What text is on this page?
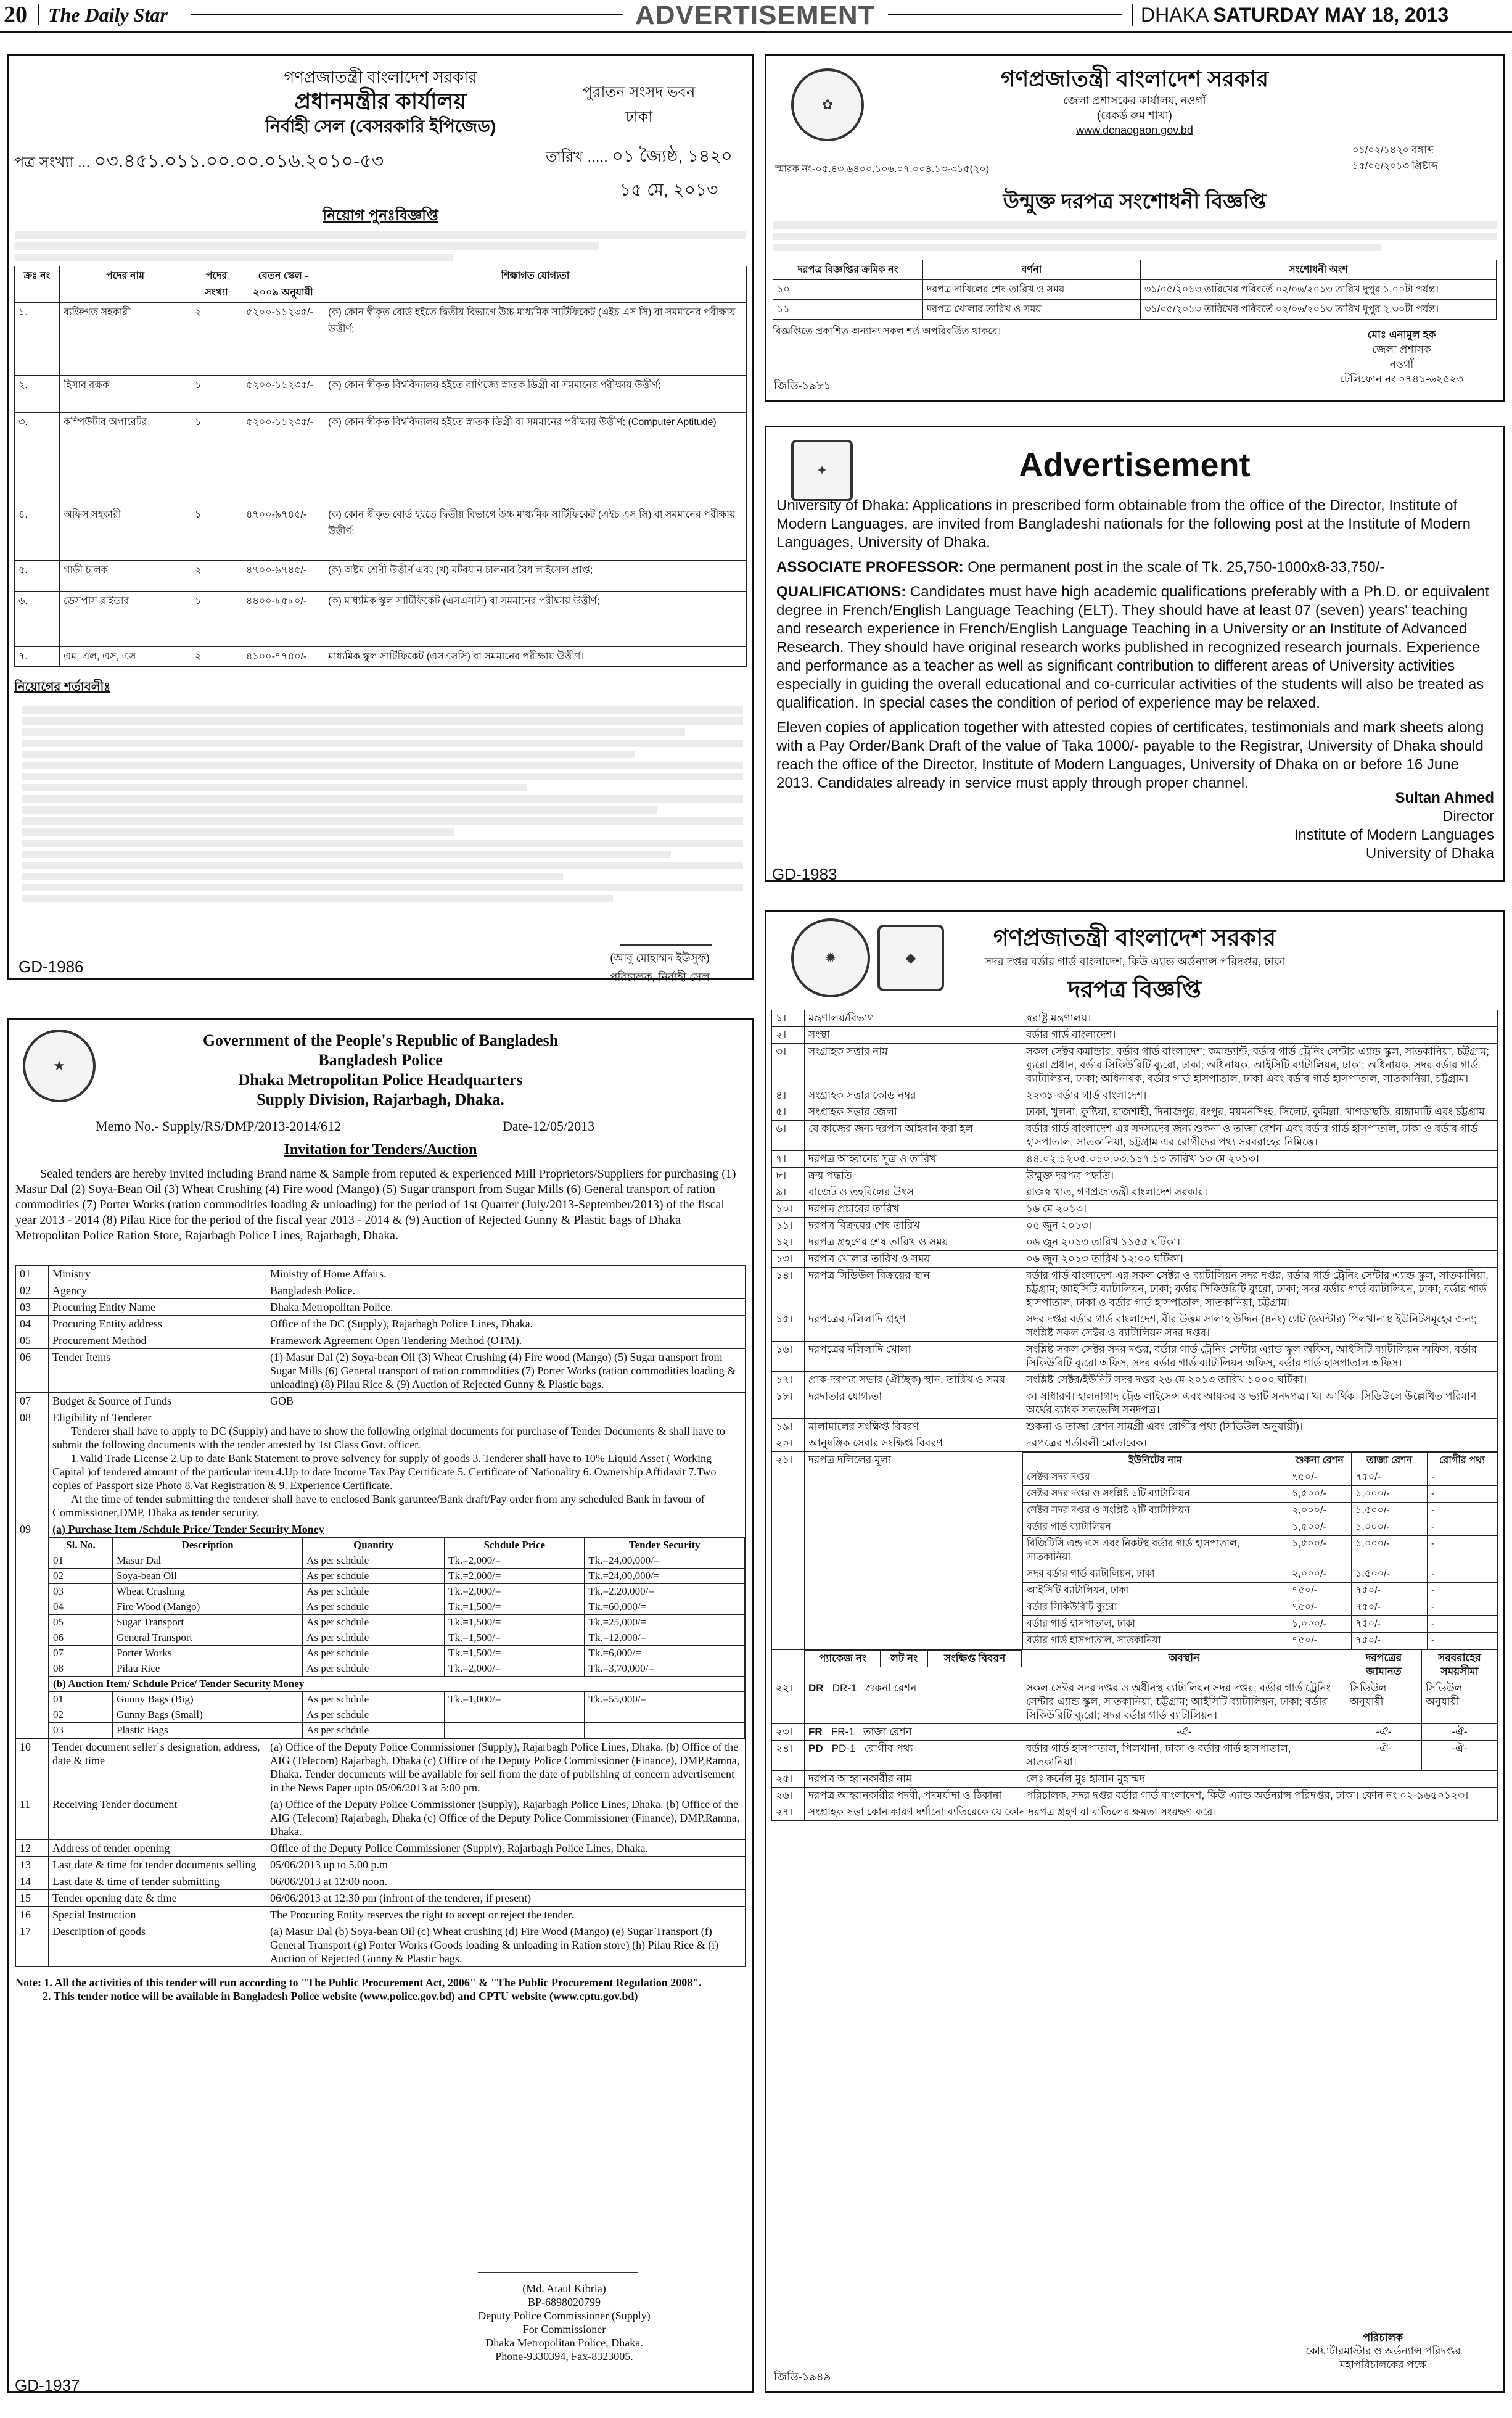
20 The Daily Star	ADVERTISEMENT	DHAKA SATURDAY MAY 18, 2013
গণপ্রজাতন্ত্রী বাংলাদেশ সরকার
প্রধানমন্ত্রীর কার্যালয়
নির্বাহী সেল (বেসরকারি ইপিজেড)
পুরাতন সংসদ ভবন
ঢাকা
পত্র সংখ্যা ... ০৩.৪৫১.০১১.০০.০০.০১৬.২০১০-৫৩	তারিখ ..... ০১ জ্যৈষ্ঠ, ১৪২০
১৫ মে, ২০১৩
নিয়োগ পুনঃবিজ্ঞপ্তি
ক্রঃ নং	পদের নাম	পদের সংখ্যা	বেতন স্কেল - ২০০৯ অনুযায়ী	শিক্ষাগত যোগ্যতা
১.	ব্যক্তিগত সহকারী	২	৫২০০-১১২৩৫/-	(ক) কোন স্বীকৃত বোর্ড হইতে দ্বিতীয় বিভাগে উচ্চ মাধ্যমিক সার্টিফিকেট (এইচ এস সি) বা সমমানের পরীক্ষায় উত্তীর্ণ;
২.	হিসাব রক্ষক	১	৫২০০-১১২৩৫/-	(ক) কোন স্বীকৃত বিশ্ববিদ্যালয় হইতে বাণিজ্যে স্নাতক ডিগ্রী বা সমমানের পরীক্ষায় উত্তীর্ণ;
৩.	কম্পিউটার অপারেটর	১	৫২০০-১১২৩৫/-	(ক) কোন স্বীকৃত বিশ্ববিদ্যালয় হইতে স্নাতক ডিগ্রী বা সমমানের পরীক্ষায় উত্তীর্ণ; (Computer Aptitude)
৪.	অফিস সহকারী	১	৪৭০০-৯৭৪৫/-	(ক) কোন স্বীকৃত বোর্ড হইতে দ্বিতীয় বিভাগে উচ্চ মাধ্যমিক সার্টিফিকেট (এইচ এস সি) বা সমমানের পরীক্ষায় উত্তীর্ণ;
৫.	গাড়ী চালক	২	৪৭০০-৯৭৪৫/-	(ক) অষ্টম শ্রেণী উত্তীর্ণ এবং (খ) মটরযান চালনার বৈধ লাইসেন্স প্রাপ্ত;
৬.	ডেসপাস রাইডার	১	৪৪০০-৮৫৮০/-	(ক) মাধ্যমিক স্কুল সার্টিফিকেট (এসএসসি) বা সমমানের পরীক্ষায় উত্তীর্ণ;
৭.	এম, এল, এস, এস	২	৪১০০-৭৭৪০/-	মাধ্যমিক স্কুল সার্টিফিকেট (এসএসসি) বা সমমানের পরীক্ষায় উত্তীর্ণ।
নিয়োগের শর্তাবলীঃ
(আবু মোহাম্মদ ইউসুফ)
পরিচালক, নির্বাহী সেল
GD-1986
✿
গণপ্রজাতন্ত্রী বাংলাদেশ সরকার
জেলা প্রশাসকের কার্যালয়, নওগাঁ
(রেকর্ড রুম শাখা)
www.dcnaogaon.gov.bd
স্মারক নং-০৫.৪৩.৬৪০০.১০৬.০৭.০০৪.১৩-৩১৫(২০)
০১/০২/১৪২০ বঙ্গাব্দ
১৫/০৫/২০১৩ খ্রিষ্টাব্দ
উন্মুক্ত দরপত্র সংশোধনী বিজ্ঞপ্তি
দরপত্র বিজ্ঞপ্তির ক্রমিক নং	বর্ণনা	সংশোধনী অংশ
১০	দরপত্র দাখিলের শেষ তারিখ ও সময়	৩১/০৫/২০১৩ তারিখের পরিবর্তে ০২/০৬/২০১৩ তারিখ দুপুর ১.০০টা পর্যন্ত।
১১	দরপত্র খোলার তারিখ ও সময়	৩১/০৫/২০১৩ তারিখের পরিবর্তে ০২/০৬/২০১৩ তারিখ দুপুর ২.৩০টা পর্যন্ত।
বিজ্ঞপ্তিতে প্রকাশিত অন্যান্য সকল শর্ত অপরিবর্তিত থাকবে।	মোঃ এনামুল হক
জেলা প্রশাসক
নওগাঁ
টেলিফোন নং ০৭৪১-৬২৫২৩
জিডি-১৯৮১
✦	Advertisement
University of Dhaka: Applications in prescribed form obtainable from the office of the Director, Institute of Modern Languages, are invited from Bangladeshi nationals for the following post at the Institute of Modern Languages, University of Dhaka.
ASSOCIATE PROFESSOR: One permanent post in the scale of Tk. 25,750-1000x8-33,750/-
QUALIFICATIONS: Candidates must have high academic qualifications preferably with a Ph.D. or equivalent degree in French/English Language Teaching (ELT). They should have at least 07 (seven) years' teaching and research experience in French/English Language Teaching in a University or an Institute of Advanced Research. They should have original research works published in recognized research journals. Experience and performance as a teacher as well as significant contribution to different areas of University activities especially in guiding the overall educational and co-curricular activities of the students will also be treated as qualification. In special cases the condition of period of experience may be relaxed.
Eleven copies of application together with attested copies of certificates, testimonials and mark sheets along with a Pay Order/Bank Draft of the value of Taka 1000/- payable to the Registrar, University of Dhaka should reach the office of the Director, Institute of Modern Languages, University of Dhaka on or before 16 June 2013. Candidates already in service must apply through proper channel.
Sultan Ahmed
Director
Institute of Modern Languages
University of Dhaka
GD-1983
★
Government of the People's Republic of Bangladesh
Bangladesh Police
Dhaka Metropolitan Police Headquarters
Supply Division, Rajarbagh, Dhaka.
Memo No.- Supply/RS/DMP/2013-2014/612	Date-12/05/2013
Invitation for Tenders/Auction
Sealed tenders are hereby invited including Brand name & Sample from reputed & experienced Mill Proprietors/Suppliers for purchasing (1) Masur Dal (2) Soya-Bean Oil (3) Wheat Crushing (4) Fire wood (Mango) (5) Sugar transport from Sugar Mills (6) General transport of ration commodities (7) Porter Works (ration commodities loading & unloading) for the period of 1st Quarter (July/2013-September/2013) of the fiscal year 2013 - 2014 (8) Pilau Rice for the period of the fiscal year 2013 - 2014 & (9) Auction of Rejected Gunny & Plastic bags of Dhaka Metropolitan Police Ration Store, Rajarbagh Police Lines, Rajarbagh, Dhaka.
01	Ministry	Ministry of Home Affairs.
02	Agency	Bangladesh Police.
03	Procuring Entity Name	Dhaka Metropolitan Police.
04	Procuring Entity address	Office of the DC (Supply), Rajarbagh Police Lines, Dhaka.
05	Procurement Method	Framework Agreement Open Tendering Method (OTM).
06	Tender Items	(1) Masur Dal (2) Soya-bean Oil (3) Wheat Crushing (4) Fire wood (Mango) (5) Sugar transport from Sugar Mills (6) General transport of ration commodities (7) Porter Works (ration commodities loading & unloading) (8) Pilau Rice & (9) Auction of Rejected Gunny & Plastic bags.
07	Budget & Source of Funds	GOB
08	Eligibility of Tenderer
Tenderer shall have to apply to DC (Supply) and have to show the following original documents for purchase of Tender Documents & shall have to submit the following documents with the tender attested by 1st Class Govt. officer.
1.Valid Trade License 2.Up to date Bank Statement to prove solvency for supply of goods 3. Tenderer shall have to 10% Liquid Asset ( Working Capital )of tendered amount of the particular item 4.Up to date Income Tax Pay Certificate 5. Certificate of Nationality 6. Ownership Affidavit 7.Two copies of Passport size Photo 8.Vat Registration & 9. Experience Certificate.
At the time of tender submitting the tenderer shall have to enclosed Bank garuntee/Bank draft/Pay order from any scheduled Bank in favour of Commissioner,DMP, Dhaka as tender security.

09	(a) Purchase Item /Schdule Price/ Tender Security Money
Sl. No.	Description	Quantity	Schdule Price	Tender Security
01	Masur Dal	As per schdule	Tk.=2,000/=	Tk.=24,00,000/=
02	Soya-bean Oil	As per schdule	Tk.=2,000/=	Tk.=24,00,000/=
03	Wheat Crushing	As per schdule	Tk.=2,000/=	Tk.=2,20,000/=
04	Fire Wood (Mango)	As per schdule	Tk.=1,500/=	Tk.=60,000/=
05	Sugar Transport	As per schdule	Tk.=1,500/=	Tk.=25,000/=
06	General Transport	As per schdule	Tk.=1,500/=	Tk.=12,000/=
07	Porter Works	As per schdule	Tk.=1,500/=	Tk.=6,000/=
08	Pilau Rice	As per schdule	Tk.=2,000/=	Tk.=3,70,000/=
(b) Auction Item/ Schdule Price/ Tender Security Money
01	Gunny Bags (Big)	As per schdule	Tk.=1,000/=	Tk.=55,000/=
02	Gunny Bags (Small)	As per schdule		
03	Plastic Bags	As per schdule		

10	Tender document seller`s designation, address, date & time	(a) Office of the Deputy Police Commissioner (Supply), Rajarbagh Police Lines, Dhaka. (b) Office of the AIG (Telecom) Rajarbagh, Dhaka (c) Office of the Deputy Police Commissioner (Finance), DMP,Ramna, Dhaka. Tender documents will be available for sell from the date of publishing of concern advertisement in the News Paper upto 05/06/2013 at 5:00 pm.
11	Receiving Tender document	(a) Office of the Deputy Police Commissioner (Supply), Rajarbagh Police Lines, Dhaka. (b) Office of the AIG (Telecom) Rajarbagh, Dhaka (c) Office of the Deputy Police Commissioner (Finance), DMP,Ramna, Dhaka.
12	Address of tender opening	Office of the Deputy Police Commissioner (Supply), Rajarbagh Police Lines, Dhaka.
13	Last date & time for tender documents selling	05/06/2013 up to 5.00 p.m
14	Last date & time of tender submitting	06/06/2013 at 12:00 noon.
15	Tender opening date & time	06/06/2013 at 12:30 pm (infront of the tenderer, if present)
16	Special Instruction	The Procuring Entity reserves the right to accept or reject the tender.
17	Description of goods	(a) Masur Dal (b) Soya-bean Oil (c) Wheat crushing (d) Fire Wood (Mango) (e) Sugar Transport (f) General Transport (g) Porter Works (Goods loading & unloading in Ration store) (h) Pilau Rice & (i) Auction of Rejected Gunny & Plastic bags.
Note: 1. All the activities of this tender will run according to "The Public Procurement Act, 2006" & "The Public Procurement Regulation 2008".
2. This tender notice will be available in Bangladesh Police website (www.police.gov.bd) and CPTU website (www.cptu.gov.bd)
(Md. Ataul Kibria)
BP-6898020799
Deputy Police Commissioner (Supply)
For Commissioner
Dhaka Metropolitan Police, Dhaka.
Phone-9330394, Fax-8323005.
GD-1937
✹	◆
গণপ্রজাতন্ত্রী বাংলাদেশ সরকার
সদর দপ্তর বর্ডার গার্ড বাংলাদেশ, কিউ এ্যান্ড অর্ডন্যান্স পরিদপ্তর, ঢাকা
দরপত্র বিজ্ঞপ্তি
১।	মন্ত্রণালয়/বিভাগ	স্বরাষ্ট্র মন্ত্রণালয়।
২।	সংস্থা	বর্ডার গার্ড বাংলাদেশ।
৩।	সংগ্রাহক সত্তার নাম	সকল সেক্টর কমান্ডার, বর্ডার গার্ড বাংলাদেশ; কমান্ড্যান্ট, বর্ডার গার্ড ট্রেনিং সেন্টার এ্যান্ড স্কুল, সাতকানিয়া, চট্টগ্রাম; ব্যুরো প্রধান, বর্ডার সিকিউরিটি ব্যুরো, ঢাকা; অধিনায়ক, আইসিটি ব্যাটালিয়ন, ঢাকা; অধিনায়ক, সদর বর্ডার গার্ড ব্যাটালিয়ন, ঢাকা; অধিনায়ক, বর্ডার গার্ড হাসপাতাল, ঢাকা এবং বর্ডার গার্ড হাসপাতাল, সাতকানিয়া, চট্টগ্রাম।
৪।	সংগ্রাহক সত্তার কোড নম্বর	২২৩১-বর্ডার গার্ড বাংলাদেশ।
৫।	সংগ্রাহক সত্তার জেলা	ঢাকা, খুলনা, কুষ্টিয়া, রাজশাহী, দিনাজপুর, রংপুর, ময়মনসিংহ, সিলেট, কুমিল্লা, খাগড়াছড়ি, রাঙ্গামাটি এবং চট্টগ্রাম।
৬।	যে কাজের জন্য দরপত্র আহবান করা হল	বর্ডার গার্ড বাংলাদেশ এর সদস্যদের জন্য শুকনা ও তাজা রেশন এবং বর্ডার গার্ড হাসপাতাল, ঢাকা ও বর্ডার গার্ড হাসপাতাল, সাতকানিয়া, চট্টগ্রাম এর রোগীদের পথ্য সরবরাহের নিমিত্তে।
৭।	দরপত্র আহ্বানের সূত্র ও তারিখ	৪৪.০২.১২০৫.০১০.০৩.১১৭.১৩ তারিখ ১৩ মে ২০১৩।
৮।	ক্রয় পদ্ধতি	উন্মুক্ত দরপত্র পদ্ধতি।
৯।	বাজেট ও তহবিলের উৎস	রাজস্ব খাত, গণপ্রজাতন্ত্রী বাংলাদেশ সরকার।
১০।	দরপত্র প্রচারের তারিখ	১৬ মে ২০১৩।
১১।	দরপত্র বিক্রয়ের শেষ তারিখ	০৫ জুন ২০১৩।
১২।	দরপত্র গ্রহণের শেষ তারিখ ও সময়	০৬ জুন ২০১৩ তারিখ ১১৫৫ ঘটিকা।
১৩।	দরপত্র খোলার তারিখ ও সময়	০৬ জুন ২০১৩ তারিখ ১২:০০ ঘটিকা।
১৪।	দরপত্র সিডিউল বিক্রয়ের স্থান	বর্ডার গার্ড বাংলাদেশ এর সকল সেক্টর ও ব্যাটালিয়ন সদর দপ্তর, বর্ডার গার্ড ট্রেনিং সেন্টার এ্যান্ড স্কুল, সাতকানিয়া, চট্টগ্রাম; আইসিটি ব্যাটালিয়ন, ঢাকা; বর্ডার সিকিউরিটি ব্যুরো, ঢাকা; সদর বর্ডার গার্ড ব্যাটালিয়ন, ঢাকা; বর্ডার গার্ড হাসপাতাল, ঢাকা ও বর্ডার গার্ড হাসপাতাল, সাতকানিয়া, চট্টগ্রাম।
১৫।	দরপত্রের দলিলাদি গ্রহণ	সদর দপ্তর বর্ডার গার্ড বাংলাদেশ, বীর উত্তম সালাহ উদ্দিন (৪নং) গেট (৬ঘন্টার) পিলখানাস্থ ইউনিটসমূহের জন্য; সংশ্লিষ্ট সকল সেক্টর ও ব্যাটালিয়ন সদর দপ্তর।
১৬।	দরপত্রের দলিলাদি খোলা	সংশ্লিষ্ট সকল সেক্টর সদর দপ্তর, বর্ডার গার্ড ট্রেনিং সেন্টার এ্যান্ড স্কুল অফিস, আইসিটি ব্যাটালিয়ন অফিস, বর্ডার সিকিউরিটি ব্যুরো অফিস, সদর বর্ডার গার্ড ব্যাটালিয়ন অফিস, বর্ডার গার্ড হাসপাতাল অফিস।
১৭।	প্রাক-দরপত্র সভার (ঐচ্ছিক) স্থান, তারিখ ও সময়	সংশ্লিষ্ট সেক্টর/ইউনিট সদর দপ্তর ২৬ মে ২০১৩ তারিখ ১০০০ ঘটিকা।
১৮।	দরদাতার যোগ্যতা	ক। সাধারণ। হালনাগাদ ট্রেড লাইসেন্স এবং আয়কর ও ভ্যাট সনদপত্র। খ। আর্থিক। সিডিউলে উল্লেখিত পরিমাণ অর্থের ব্যাংক সলভেন্সি সনদপত্র।
১৯।	মালামালের সংক্ষিপ্ত বিবরণ	শুকনা ও তাজা রেশন সামগ্রী এবং রোগীর পথ্য (সিডিউল অনুযায়ী)।
২০।	আনুষঙ্গিক সেবার সংক্ষিপ্ত বিবরণ	দরপত্রের শর্তাবলী মোতাবেক।
২১।	দরপত্র দলিলের মূল্য		ইউনিটের নাম	শুকনা রেশন	তাজা রেশন	রোগীর পথ্য
সেক্টর সদর দপ্তর	৭৫০/-	৭৫০/-	-
সেক্টর সদর দপ্তর ও সংশ্লিষ্ট ১টি ব্যাটালিয়ন	১,৫০০/-	১,০০০/-	-
সেক্টর সদর দপ্তর ও সংশ্লিষ্ট ২টি ব্যাটালিয়ন	২,০০০/-	১,৫০০/-	-
বর্ডার গার্ড ব্যাটালিয়ন	১,৫০০/-	১,০০০/-	-
বিজিটিসি এন্ড এস এবং নিকটস্থ বর্ডার গার্ড হাসপাতাল, সাতকানিয়া	১,৫০০/-	১,০০০/-	-
সদর বর্ডার গার্ড ব্যাটালিয়ন, ঢাকা	২,০০০/-	১,৫০০/-	-
আইসিটি ব্যাটালিয়ন, ঢাকা	৭৫০/-	৭৫০/-	-
বর্ডার সিকিউরিটি ব্যুরো	৭৫০/-	৭৫০/-	-
বর্ডার গার্ড হাসপাতাল, ঢাকা	১,০০০/-	৭৫০/-	-
বর্ডার গার্ড হাসপাতাল, সাতকানিয়া	৭৫০/-	৭৫০/-	-

প্যাকেজ নং	লট নং	সংক্ষিপ্ত বিবরণ
		অবস্থান	দরপত্রের জামানত	সরবরাহের সময়সীমা
২২।	DR DR-1 শুকনা রেশন	সকল সেক্টর সদর দপ্তর ও অধীনস্থ ব্যাটালিয়ন সদর দপ্তর; বর্ডার গার্ড ট্রেনিং সেন্টার এ্যান্ড স্কুল, সাতকানিয়া, চট্টগ্রাম; আইসিটি ব্যাটালিয়ন, ঢাকা; বর্ডার সিকিউরিটি ব্যুরো; সদর বর্ডার গার্ড ব্যাটালিয়ন।	সিডিউল অনুযায়ী	সিডিউল অনুযায়ী
২৩।	FR FR-1 তাজা রেশন	-ঐ-	-ঐ-	-ঐ-
২৪।	PD PD-1 রোগীর পথ্য	বর্ডার গার্ড হাসপাতাল, পিলখানা, ঢাকা ও বর্ডার গার্ড হাসপাতাল, সাতকানিয়া।	-ঐ-	-ঐ-
২৫।	দরপত্র আহ্বানকারীর নাম	লেঃ কর্নেল মুঃ হাসান মুহাম্মদ
২৬।	দরপত্র আহ্বানকারীর পদবী, পদমর্যাদা ও ঠিকানা	পরিচালক, সদর দপ্তর বর্ডার গার্ড বাংলাদেশ, কিউ এ্যান্ড অর্ডন্যান্স পরিদপ্তর, ঢাকা। ফোন নং ০২-৯৬৫০১২৩।
২৭।	সংগ্রাহক সত্তা কোন কারণ দর্শানো ব্যতিরেকে যে কোন দরপত্র গ্রহণ বা বাতিলের ক্ষমতা সংরক্ষণ করে।
পরিচালক
কোয়ার্টারমাস্টার ও অর্ডন্যান্স পরিদপ্তর
মহাপরিচালকের পক্ষে
জিডি-১৯৪৯
